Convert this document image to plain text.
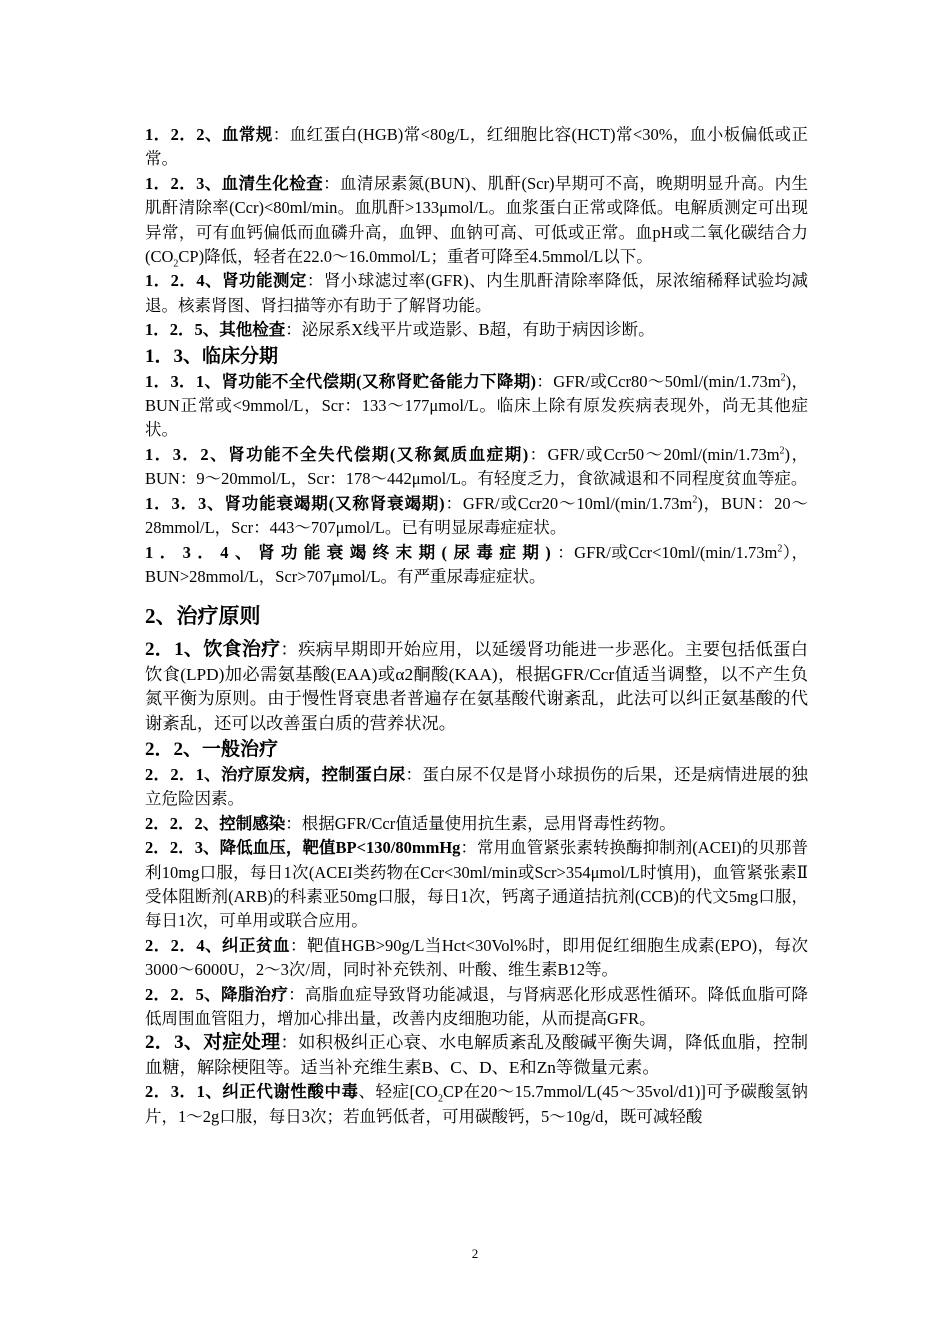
1．2．2、血常规：血红蛋白(HGB)常<80g/L，红细胞比容(HCT)常<30%，血小板偏低或正常。

1．2．3、血清生化检查：血清尿素氮(BUN)、肌酐(Scr)早期可不高，晚期明显升高。内生肌酐清除率(Ccr)<80ml/min。血肌酐>133μmol/L。血浆蛋白正常或降低。电解质测定可出现异常，可有血钙偏低而血磷升高，血钾、血钠可高、可低或正常。血pH或二氧化碳结合力$(CO_2CP)$降低，轻者在22.0～16.0mmol/L；重者可降至4.5mmol/L以下。

1．2．4、肾功能测定：肾小球滤过率(GFR)、内生肌酐清除率降低，尿浓缩稀释试验均减退。核素肾图、肾扫描等亦有助于了解肾功能。

1．2．5、其他检查：泌尿系X线平片或造影、B超，有助于病因诊断。

1．3、临床分期

1．3．1、肾功能不全代偿期(又称肾贮备能力下降期)：GFR/或$Ccr80\sim 50ml/(\min/1.73m^2)$，BUN正常或<9mmol/L，Scr：133～177μmol/L。临床上除有原发疾病表现外，尚无其他症状。

1．3．2、肾功能不全失代偿期(又称氮质血症期)：GFR/或$Ccr50\sim 20ml/(\min/1.73m^2)$，BUN：9～20mmol/L，Scr：178～442μmol/L。有轻度乏力，食欲减退和不同程度贫血等症。

1．3．3、肾功能衰竭期(又称肾衰竭期)：GFR/或$Ccr20\sim 10ml/(\min/1.73m^2)$，BUN：20～28mmol/L，Scr：443～707μmol/L。已有明显尿毒症症状。

1．3．4、肾功能衰竭终末期(尿毒症期)：GFR/或$Ccr<10ml/(\min/1.73m^2)$，BUN>28mmol/L，Scr>707μmol/L。有严重尿毒症症状。

2、治疗原则

2．1、饮食治疗：疾病早期即开始应用，以延缓肾功能进一步恶化。主要包括低蛋白饮食(LPD)加必需氨基酸(EAA)或α2酮酸(KAA)，根据GFR/Ccr值适当调整，以不产生负氮平衡为原则。由于慢性肾衰患者普遍存在氨基酸代谢紊乱，此法可以纠正氨基酸的代谢紊乱，还可以改善蛋白质的营养状况。

2．2、一般治疗

2．2．1、治疗原发病，控制蛋白尿：蛋白尿不仅是肾小球损伤的后果，还是病情进展的独立危险因素。

2．2．2、控制感染：根据GFR/Ccr值适量使用抗生素，忌用肾毒性药物。

2．2．3、降低血压，靶值BP<130/80mmHg：常用血管紧张素转换酶抑制剂(ACEI)的贝那普利10mg口服，每日1次(ACEI类药物在Ccr<30ml/min或Scr>354μmol/L时慎用)，血管紧张素Ⅱ受体阻断剂(ARB)的科素亚50mg口服，每日1次，钙离子通道拮抗剂(CCB)的代文5mg口服，每日1次，可单用或联合应用。

2．2．4、纠正贫血：靶值HGB>90g/L当Hct<30Vol%时，即用促红细胞生成素(EPO)，每次3000～6000U，2～3次/周，同时补充铁剂、叶酸、维生素B12等。

2．2．5、降脂治疗：高脂血症导致肾功能减退，与肾病恶化形成恶性循环。降低血脂可降低周围血管阻力，增加心排出量，改善内皮细胞功能，从而提高GFR。

2．3、对症处理：如积极纠正心衰、水电解质紊乱及酸碱平衡失调，降低血脂，控制血糖，解除梗阻等。适当补充维生素B、C、D、E和Zn等微量元素。

2．3．1、纠正代谢性酸中毒、轻症[$CO_2CP$在20～15.7mmol/L(45～35vol/d1)]可予碳酸氢钠片，1～2g口服，每日3次；若血钙低者，可用碳酸钙，5～10g/d，既可减轻酸

2
